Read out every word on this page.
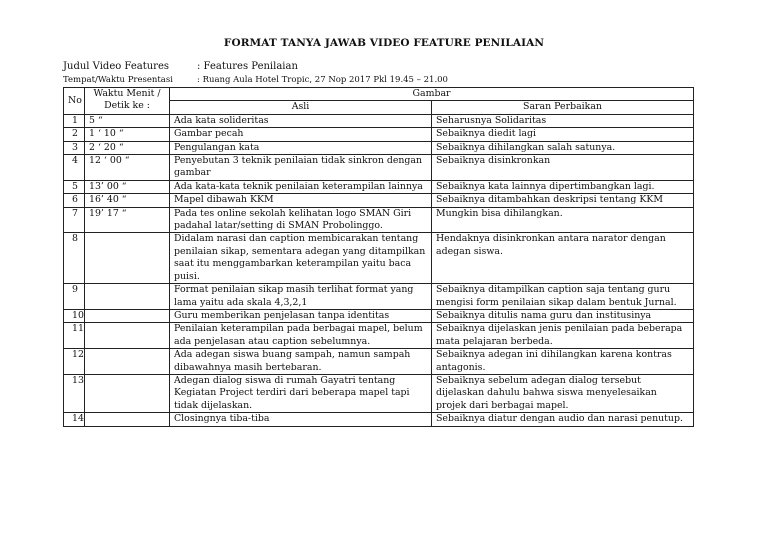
FORMAT TANYA JAWAB VIDEO FEATURE PENILAIAN
Judul Video Features	: Features Penilaian
Tempat/Waktu Presentasi	: Ruang Aula Hotel Tropic, 27 Nop 2017 Pkl 19.45 – 21.00
No	Waktu Menit / Detik ke :	Gambar	
		Asli	Saran Perbaikan
1	5 “	Ada kata solideritas	Seharusnya Solidaritas
2	1 ‘ 10 “	Gambar pecah	Sebaiknya diedit lagi
3	2 ‘ 20 “	Pengulangan kata	Sebaiknya dihilangkan salah satunya.
4	12 ‘ 00 “	Penyebutan 3 teknik penilaian tidak sinkron dengan gambar	Sebaiknya disinkronkan
5	13’ 00 “	Ada kata-kata teknik penilaian keterampilan lainnya	Sebaiknya kata lainnya dipertimbangkan lagi.
6	16’ 40 “	Mapel dibawah KKM	Sebaiknya ditambahkan deskripsi tentang KKM
7	19’ 17 “	Pada tes online sekolah kelihatan logo SMAN Giri padahal latar/setting di SMAN Probolinggo.	Mungkin bisa dihilangkan.
8		Didalam narasi dan caption membicarakan tentang penilaian sikap, sementara adegan yang ditampilkan saat itu menggambarkan keterampilan yaitu baca puisi.	Hendaknya disinkronkan antara narator dengan adegan siswa.
9		Format penilaian sikap masih terlihat format yang lama yaitu ada skala 4,3,2,1	Sebaiknya ditampilkan caption saja tentang guru mengisi form penilaian sikap dalam bentuk Jurnal.
10		Guru memberikan penjelasan tanpa identitas	Sebaiknya ditulis nama guru dan institusinya
11		Penilaian keterampilan pada berbagai mapel, belum ada penjelasan atau caption sebelumnya.	Sebaiknya dijelaskan jenis penilaian pada beberapa mata pelajaran berbeda.
12		Ada adegan siswa buang sampah, namun sampah dibawahnya masih bertebaran.	Sebaiknya adegan ini dihilangkan karena kontras antagonis.
13		Adegan dialog siswa di rumah Gayatri tentang Kegiatan Project terdiri dari beberapa mapel tapi tidak dijelaskan.	Sebaiknya sebelum adegan dialog tersebut dijelaskan dahulu bahwa siswa menyelesaikan projek dari berbagai mapel.
14		Closingnya tiba-tiba	Sebaiknya diatur dengan audio dan narasi penutup.
